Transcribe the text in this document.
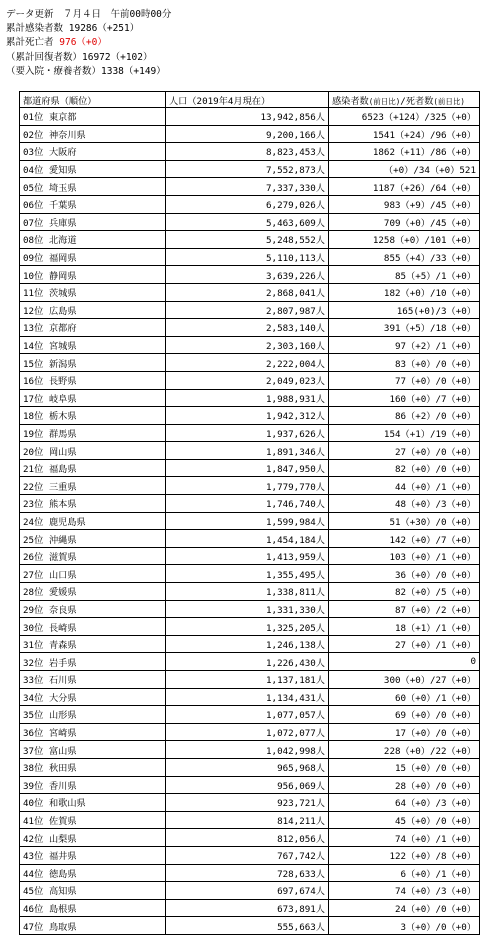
データ更新　７月４日　午前00時00分
累計感染者数 19286（+251）
累計死亡者 976（+0）
（累計回復者数）16972（+102）
（要入院・療養者数）1338（+149）
都道府県（順位）	人口（2019年4月現在）	感染者数(前日比)/死者数(前日比)
01位 東京都	13,942,856人	6523（+124）/325（+0）
02位 神奈川県	9,200,166人	1541（+24）/96（+0）
03位 大阪府	8,823,453人	1862（+11）/86（+0）
04位 愛知県	7,552,873人	（+0）/34（+0）521
05位 埼玉県	7,337,330人	1187（+26）/64（+0）
06位 千葉県	6,279,026人	983（+9）/45（+0）
07位 兵庫県	5,463,609人	709（+0）/45（+0）
08位 北海道	5,248,552人	1258（+0）/101（+0）
09位 福岡県	5,110,113人	855（+4）/33（+0）
10位 静岡県	3,639,226人	85（+5）/1（+0）
11位 茨城県	2,868,041人	182（+0）/10（+0）
12位 広島県	2,807,987人	165(+0)/3（+0）
13位 京都府	2,583,140人	391（+5）/18（+0）
14位 宮城県	2,303,160人	97（+2）/1（+0）
15位 新潟県	2,222,004人	83（+0）/0（+0）
16位 長野県	2,049,023人	77（+0）/0（+0）
17位 岐阜県	1,988,931人	160（+0）/7（+0）
18位 栃木県	1,942,312人	86（+2）/0（+0）
19位 群馬県	1,937,626人	154（+1）/19（+0）
20位 岡山県	1,891,346人	27（+0）/0（+0）
21位 福島県	1,847,950人	82（+0）/0（+0）
22位 三重県	1,779,770人	44（+0）/1（+0）
23位 熊本県	1,746,740人	48（+0）/3（+0）
24位 鹿児島県	1,599,984人	51（+30）/0（+0）
25位 沖縄県	1,454,184人	142（+0）/7（+0）
26位 滋賀県	1,413,959人	103（+0）/1（+0）
27位 山口県	1,355,495人	36（+0）/0（+0）
28位 愛媛県	1,338,811人	82（+0）/5（+0）
29位 奈良県	1,331,330人	87（+0）/2（+0）
30位 長崎県	1,325,205人	18（+1）/1（+0）
31位 青森県	1,246,138人	27（+0）/1（+0）
32位 岩手県	1,226,430人	0
33位 石川県	1,137,181人	300（+0）/27（+0）
34位 大分県	1,134,431人	60（+0）/1（+0）
35位 山形県	1,077,057人	69（+0）/0（+0）
36位 宮崎県	1,072,077人	17（+0）/0（+0）
37位 富山県	1,042,998人	228（+0）/22（+0）
38位 秋田県	965,968人	15（+0）/0（+0）
39位 香川県	956,069人	28（+0）/0（+0）
40位 和歌山県	923,721人	64（+0）/3（+0）
41位 佐賀県	814,211人	45（+0）/0（+0）
42位 山梨県	812,056人	74（+0）/1（+0）
43位 福井県	767,742人	122（+0）/8（+0）
44位 徳島県	728,633人	6（+0）/1（+0）
45位 高知県	697,674人	74（+0）/3（+0）
46位 島根県	673,891人	24（+0）/0（+0）
47位 鳥取県	555,663人	3（+0）/0（+0）
